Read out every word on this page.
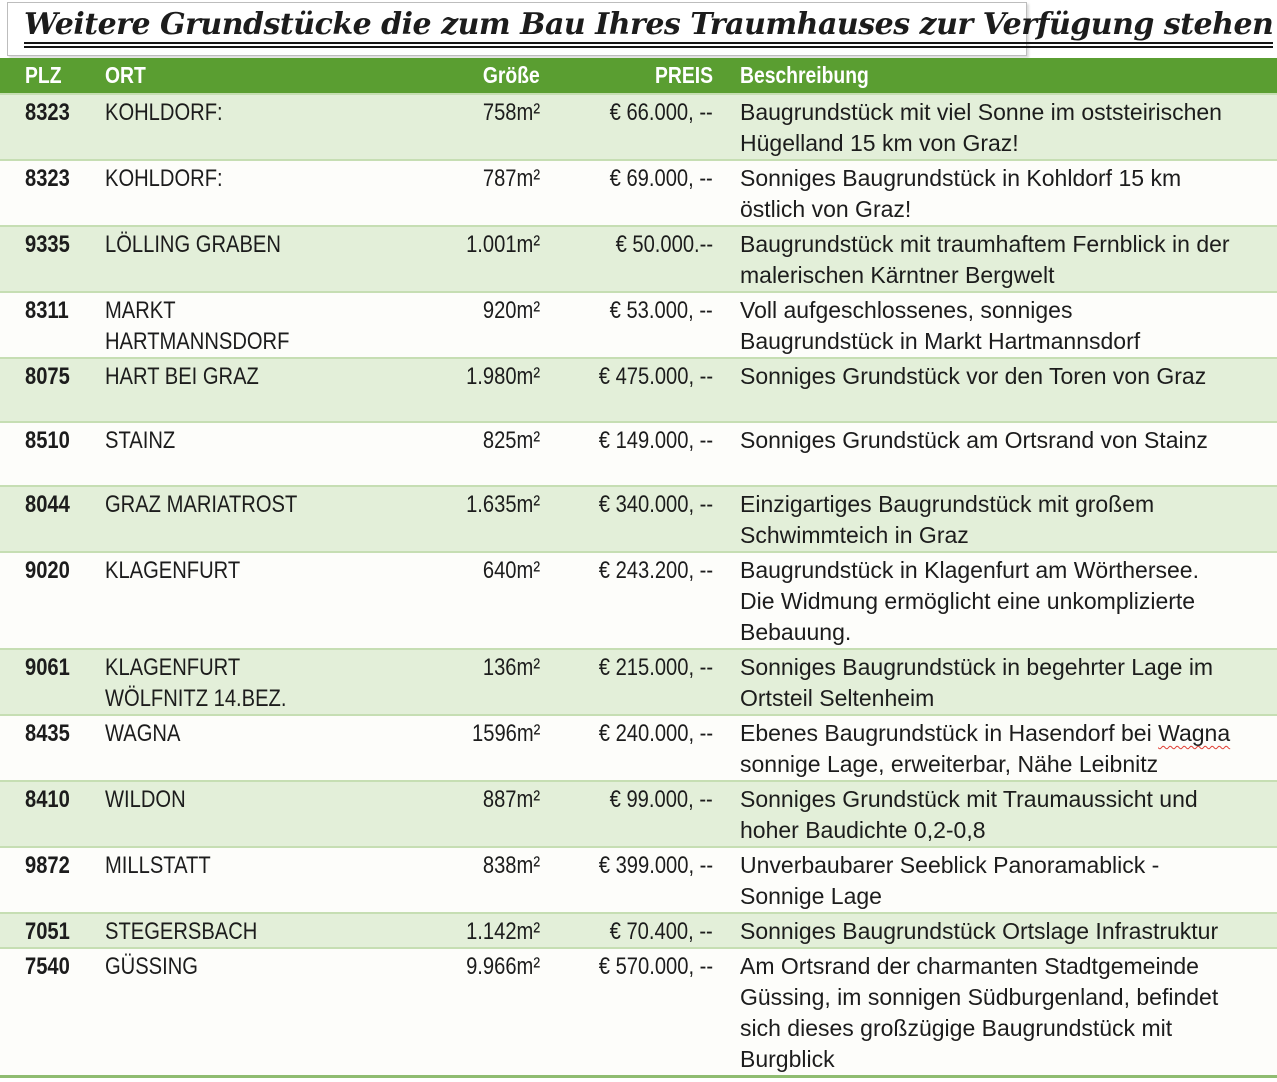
Weitere Grundstücke die zum Bau Ihres Traumhauses zur Verfügung stehen
PLZ	ORT	Größe	PREIS	Beschreibung
8323	KOHLDORF:	758m²	€ 66.000, --	Baugrundstück mit viel Sonne im oststeirischen Hügelland 15 km von Graz!
8323	KOHLDORF:	787m²	€ 69.000, --	Sonniges Baugrundstück in Kohldorf 15 km östlich von Graz!
9335	LÖLLING GRABEN	1.001m²	€ 50.000.--	Baugrundstück mit traumhaftem Fernblick in der malerischen Kärntner Bergwelt
8311	MARKT HARTMANNSDORF	920m²	€ 53.000, --	Voll aufgeschlossenes, sonniges Baugrundstück in Markt Hartmannsdorf
8075	HART BEI GRAZ	1.980m²	€ 475.000, --	Sonniges Grundstück vor den Toren von Graz
8510	STAINZ	825m²	€ 149.000, --	Sonniges Grundstück am Ortsrand von Stainz
8044	GRAZ MARIATROST	1.635m²	€ 340.000, --	Einzigartiges Baugrundstück mit großem Schwimmteich in Graz
9020	KLAGENFURT	640m²	€ 243.200, --	Baugrundstück in Klagenfurt am Wörthersee. Die Widmung ermöglicht eine unkomplizierte Bebauung.
9061	KLAGENFURT WÖLFNITZ 14.BEZ.	136m²	€ 215.000, --	Sonniges Baugrundstück in begehrter Lage im Ortsteil Seltenheim
8435	WAGNA	1596m²	€ 240.000, --	Ebenes Baugrundstück in Hasendorf bei Wagna sonnige Lage, erweiterbar, Nähe Leibnitz
8410	WILDON	887m²	€ 99.000, --	Sonniges Grundstück mit Traumaussicht und hoher Baudichte 0,2-0,8
9872	MILLSTATT	838m²	€ 399.000, --	Unverbaubarer Seeblick Panoramablick - Sonnige Lage
7051	STEGERSBACH	1.142m²	€ 70.400, --	Sonniges Baugrundstück Ortslage Infrastruktur
7540	GÜSSING	9.966m²	€ 570.000, --	Am Ortsrand der charmanten Stadtgemeinde Güssing, im sonnigen Südburgenland, befindet sich dieses großzügige Baugrundstück mit Burgblick
